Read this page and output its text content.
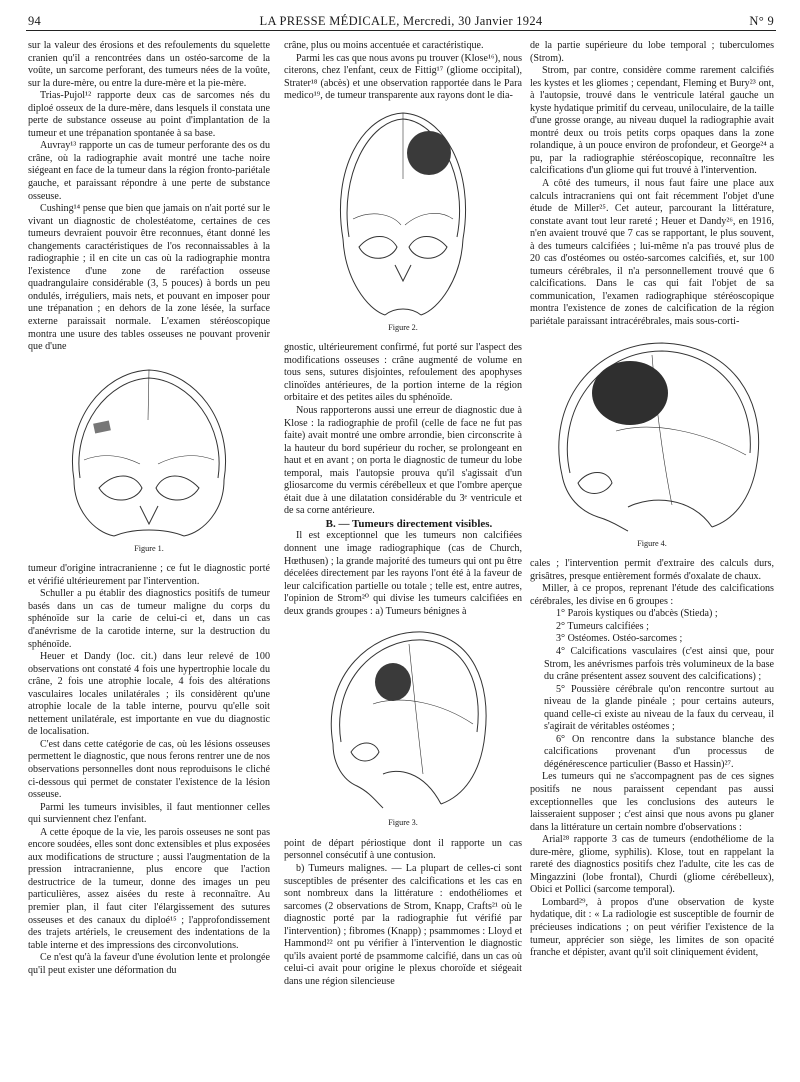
94	LA PRESSE MÉDICALE, Mercredi, 30 Janvier 1924	N° 9

sur la valeur des érosions et des refoulements du squelette cranien qu'il a rencontrées dans un ostéo-sarcome de la voûte, un sarcome perforant, des tumeurs nées de la voûte, sur la dure-mère, ou entre la dure-mère et la pie-mère.

Trias-Pujol¹² rapporte deux cas de sarcomes nés du diploé osseux de la dure-mère, dans lesquels il constata une perte de substance osseuse au point d'implantation de la tumeur et une trépanation spontanée à sa base.

Auvray¹³ rapporte un cas de tumeur perforante des os du crâne, où la radiographie avait montré une tache noire siégeant en face de la tumeur dans la région fronto-pariétale gauche, et paraissant répondre à une perte de substance osseuse.

Cushing¹⁴ pense que bien que jamais on n'ait porté sur le vivant un diagnostic de cholestéatome, certaines de ces tumeurs devraient pouvoir être reconnues, étant donné les changements caractéristiques de l'os reconnaissables à la radiographie ; il en cite un cas où la radiographie montra l'existence d'une zone de raréfaction osseuse quadrangulaire considérable (3, 5 pouces) à bords un peu ondulés, irréguliers, mais nets, et pouvant en imposer pour une trépanation ; en dehors de la zone lésée, la surface externe paraissait normale. L'examen stéréoscopique montra une usure des tables osseuses ne pouvant provenir que d'une

Figure 1.

tumeur d'origine intracranienne ; ce fut le diagnostic porté et vérifié ultérieurement par l'intervention.

Schuller a pu établir des diagnostics positifs de tumeur basés dans un cas de tumeur maligne du corps du sphénoïde sur la carie de celui-ci et, dans un cas d'anévrisme de la carotide interne, sur la destruction du sphénoïde.

Heuer et Dandy (loc. cit.) dans leur relevé de 100 observations ont constaté 4 fois une hypertrophie locale du crâne, 2 fois une atrophie locale, 4 fois des altérations vasculaires locales unilatérales ; ils considèrent qu'une atrophie locale de la table interne, pourvu qu'elle soit nettement unilatérale, est importante en vue du diagnostic de localisation.

C'est dans cette catégorie de cas, où les lésions osseuses permettent le diagnostic, que nous ferons rentrer une de nos observations personnelles dont nous reproduisons le cliché ci-dessous qui permet de constater l'existence de la lésion osseuse.

Parmi les tumeurs invisibles, il faut mentionner celles qui surviennent chez l'enfant.

A cette époque de la vie, les parois osseuses ne sont pas encore soudées, elles sont donc extensibles et plus exposées aux modifications de structure ; aussi l'augmentation de la pression intracranienne, plus encore que l'action destructrice de la tumeur, donne des images un peu particulières, assez aisées du reste à reconnaître. Au premier plan, il faut citer l'élargissement des sutures osseuses et des canaux du diploé¹⁵ ; l'approfondissement des trajets artériels, le creusement des indentations de la table interne et des impressions des circonvolutions.

Ce n'est qu'à la faveur d'une évolution lente et prolongée qu'il peut exister une déformation du

crâne, plus ou moins accentuée et caractéristique.

Parmi les cas que nous avons pu trouver (Klose¹⁶), nous citerons, chez l'enfant, ceux de Fittig¹⁷ (gliome occipital), Strater¹⁸ (abcès) et une observation rapportée dans le Para medico¹⁹, de tumeur transparente aux rayons dont le dia-

Figure 2.

gnostic, ultérieurement confirmé, fut porté sur l'aspect des modifications osseuses : crâne augmenté de volume en tous sens, sutures disjointes, refoulement des apophyses clinoïdes antérieures, de la portion interne de la région orbitaire et des petites ailes du sphénoïde.

Nous rapporterons aussi une erreur de diagnostic due à Klose : la radiographie de profil (celle de face ne fut pas faite) avait montré une ombre arrondie, bien circonscrite à la hauteur du bord supérieur du rocher, se prolongeant en haut et en avant ; on porta le diagnostic de tumeur du lobe temporal, mais l'autopsie prouva qu'il s'agissait d'un gliosarcome du vermis cérébelleux et que l'ombre aperçue était due à une dilatation considérable du 3ᵉ ventricule et de sa corne antérieure.

B. — Tumeurs directement visibles.

Il est exceptionnel que les tumeurs non calcifiées donnent une image radiographique (cas de Church, Hœthusen) ; la grande majorité des tumeurs qui ont pu être décelées directement par les rayons l'ont été à la faveur de leur calcification partielle ou totale ; telle est, entre autres, l'opinion de Strom²⁰ qui divise les tumeurs calcifiées en deux grands groupes : a) Tumeurs bénignes à

Figure 3.

point de départ périostique dont il rapporte un cas personnel consécutif à une contusion.

b) Tumeurs malignes. — La plupart de celles-ci sont susceptibles de présenter des calcifications et les cas en sont nombreux dans la littérature : endothéliomes et sarcomes (2 observations de Strom, Knapp, Crafts²¹ où le diagnostic porté par la radiographie fut vérifié par l'intervention) ; fibromes (Knapp) ; psammomes : Lloyd et Hammond²² ont pu vérifier à l'intervention le diagnostic qu'ils avaient porté de psammome calcifié, dans un cas où celui-ci avait pour origine le plexus choroïde et siégeait dans une région silencieuse

de la partie supérieure du lobe temporal ; tuberculomes (Strom).

Strom, par contre, considère comme rarement calcifiés les kystes et les gliomes ; cependant, Fleming et Bury²³ ont, à l'autopsie, trouvé dans le ventricule latéral gauche un kyste hydatique primitif du cerveau, uniloculaire, de la taille d'une grosse orange, au niveau duquel la radiographie avait montré deux ou trois petits corps opaques dans la zone rolandique, à un pouce environ de profondeur, et George²⁴ a pu, par la radiographie stéréoscopique, reconnaître les calcifications d'un gliome qui fut trouvé à l'intervention.

A côté des tumeurs, il nous faut faire une place aux calculs intracraniens qui ont fait récemment l'objet d'une étude de Miller²⁵. Cet auteur, parcourant la littérature, constate avant tout leur rareté ; Heuer et Dandy²⁶, en 1916, n'en avaient trouvé que 7 cas se rapportant, le plus souvent, à des tumeurs calcifiées ; lui-même n'a pas trouvé plus de 20 cas d'ostéomes ou ostéo-sarcomes calcifiés, et, sur 100 tumeurs cérébrales, il n'a personnellement trouvé que 6 calcifications. Dans le cas qui fait l'objet de sa communication, l'examen radiographique stéréoscopique montra l'existence de zones de calcification de la région pariétale paraissant intracérébrales, mais sous-corti-

Figure 4.

cales ; l'intervention permit d'extraire des calculs durs, grisâtres, presque entièrement formés d'oxalate de chaux.

Miller, à ce propos, reprenant l'étude des calcifications cérébrales, les divise en 6 groupes :

1° Parois kystiques ou d'abcès (Stieda) ;

2° Tumeurs calcifiées ;

3° Ostéomes. Ostéo-sarcomes ;

4° Calcifications vasculaires (c'est ainsi que, pour Strom, les anévrismes parfois très volumineux de la base du crâne présentent assez souvent des calcifications) ;

5° Poussière cérébrale qu'on rencontre surtout au niveau de la glande pinéale ; pour certains auteurs, quand celle-ci existe au niveau de la faux du cerveau, il s'agirait de véritables ostéomes ;

6° On rencontre dans la substance blanche des calcifications provenant d'un processus de dégénérescence particulier (Basso et Hassin)²⁷.

Les tumeurs qui ne s'accompagnent pas de ces signes positifs ne nous paraissent cependant pas aussi exceptionnelles que les conclusions des auteurs le laisseraient supposer ; c'est ainsi que nous avons pu glaner dans la littérature un certain nombre d'observations :

Arial²⁸ rapporte 3 cas de tumeurs (endothéliome de la dure-mère, gliome, syphilis). Klose, tout en rappelant la rareté des diagnostics positifs chez l'adulte, cite les cas de Mingazzini (lobe frontal), Churdi (gliome cérébelleux), Obici et Pollici (sarcome temporal).

Lombard²⁹, à propos d'une observation de kyste hydatique, dit : « La radiologie est susceptible de fournir de précieuses indications ; on peut vérifier l'existence de la tumeur, apprécier son siège, les limites de son opacité franche et dépister, avant qu'il soit cliniquement évident,
